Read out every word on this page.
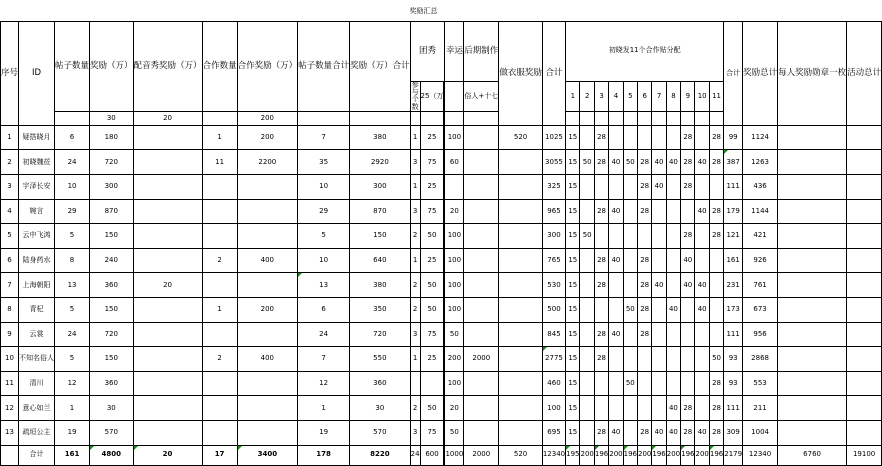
奖励汇总																													
序号	ID	帖子数量	奖励（万）	配音秀奖励（万）	合作数量	合作奖励（万）	帖子数量合计	奖励（万）合计	团秀		幸运	后期制作	做衣服奖励	合计	初晓发11个合作贴分配											合计	奖励总计	每人奖励勋章一枚	活动总计
									参与个数	25（万			俗人+十七			1	2	3	4	5	6	7	8	9	10	11				
			30	20		200																							
1	疑搭晓月	6	180		1	200	7	380	1	25		100		520	1025	15		28						28		28	99	1124		
2	初晓魏莅	24	720		11	2200	35	2920	3	75		60			3055	15	50	28	40	50	28	40	40	28	40	28	387	1263		
3	宇泽长安	10	300				10	300	1	25					325	15					28	40		28			111	436		
4	婉言	29	870				29	870	3	75		20			965	15		28	40		28				40	28	179	1144		
5	云中飞鸿	5	150				5	150	2	50		100			300	15	50							28		28	121	421		
6	陆身药水	8	240		2	400	10	640	1	25		100			765	15		28	40		28			40			161	926		
7	上海朝阳	13	360	20			13	380	2	50		100			530	15		28			28	40		40	40		231	761		
8	青杞	5	150		1	200	6	350	2	50		100			500	15				50	28		40		40		173	673		
9	云裳	24	720				24	720	3	75		50			845	15		28	40		28						111	956		
10	不知名俗人	5	150		2	400	7	550	1	25		200	2000		2775	15		28								50	93	2868		
11	清川	12	360				12	360				100			460	15				50						28	93	553		
12	意心如兰	1	30				1	30	2	50		20			100	15							40	28		28	111	211		
13	疏垣公主	19	570				19	570	3	75		50			695	15		28	40		28	40	40	28	40	28	309	1004		
	合计	161	4800	20	17	3400	178	8220	24	600		1000	2000	520	12340	195	200	196	200	196	200	196	200	196	200	196	2179	12340	6760	19100
